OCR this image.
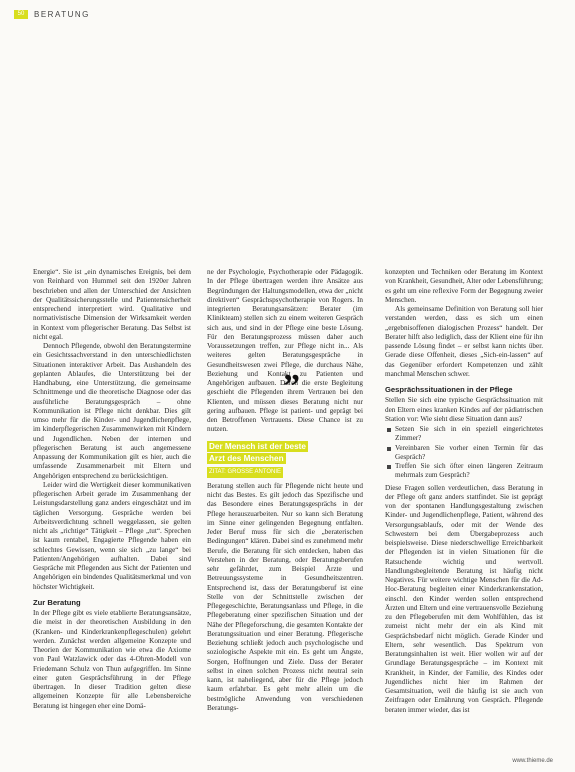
50	BERATUNG

Energie“. Sie ist „ein dynamisches Ereignis, bei dem von Reinhard von Hummel seit den 1920er Jahren beschrieben und allen der Unterschied der Ansichten der Qualitätssicherungsstelle und Patientensicherheit entsprechend interpretiert wird. Qualitative und normativistische Dimension der Wirksamkeit werden in Kontext vom pflegerischer Beratung. Das Selbst ist nicht egal.

Dennoch Pflegende, obwohl den Beratungstermine ein Gesichtssachverstand in den unterschiedlichsten Situationen interaktiver Arbeit. Das Aushandeln des geplanten Ablaufes, die Unterstützung bei der Handhabung, eine Unterstützung, die gemeinsame Schnittmenge und die theoretische Diagnose oder das ausführliche Beratungsgespräch – ohne Kommunikation ist Pflege nicht denkbar. Dies gilt umso mehr für die Kinder- und Jugendlichenpflege, im kinderpflegerischen Zusammenwirken mit Kindern und Jugendlichen. Neben der internen und pflegerischen Beratung ist auch angemessene Anpassung der Kommunikation gilt es hier, auch die umfassende Zusammenarbeit mit Eltern und Angehörigen entsprechend zu berücksichtigen.

Leider wird die Wertigkeit dieser kommunikativen pflegerischen Arbeit gerade im Zusammenhang der Leistungsdarstellung ganz anders eingeschätzt und im täglichen Versorgung. Gespräche werden bei Arbeitsverdichtung schnell weggelassen, sie gelten nicht als „richtige“ Tätigkeit – Pflege „tut“. Sprechen ist kaum rentabel, Engagierte Pflegende haben ein schlechtes Gewissen, wenn sie sich „zu lange“ bei Patienten/Angehörigen aufhalten. Dabei sind Gespräche mit Pflegenden aus Sicht der Patienten und Angehörigen ein bindendes Qualitätsmerkmal und von höchster Wichtigkeit.

Zur Beratung

In der Pflege gibt es viele etablierte Beratungsansätze, die meist in der theoretischen Ausbildung in den (Kranken- und Kinderkrankenpflegeschulen) gelehrt werden. Zunächst werden allgemeine Konzepte und Theorien der Kommunikation wie etwa die Axiome von Paul Watzlawick oder das 4-Ohren-Modell von Friedemann Schulz von Thun aufgegriffen. Im Sinne einer guten Gesprächsführung in der Pflege übertragen. In dieser Tradition gelten diese allgemeinen Konzepte für alle Lebensbereiche Beratung ist hingegen eher eine Domä-

ne der Psychologie, Psychotherapie oder Pädagogik. In der Pflege übertragen werden ihre Ansätze aus Begründungen der Haltungsmodellen, etwa der „nicht direktiven“ Gesprächspsychotherapie von Rogers. In integrierten Beratungsansätzen: Berater (im Klinikteam) stellen sich zu einem weiteren Gespräch sich aus, und sind in der Pflege eine beste Lösung. Für den Beratungsprozess müssen daher auch Voraussetzungen treffen, zur Pflege nicht in... Als weiteres gelten Beratungsgespräche in Gesundheitswesen zwei Pflege, die durchaus Nähe, Beziehung und Kontakt zu Patienten und Angehörigen aufbauen. Durch die erste Begleitung geschieht die Pflegenden ihrem Vertrauen bei den Klienten, und müssen dieses Beratung nicht nur gering aufbauen. Pflege ist patient- und geprägt bei den Betroffenen Vertrauens. Diese Chance ist zu nutzen.

Der Mensch ist der beste
Arzt des Menschen
ZITAT: GROSSE ANTONIE

Beratung stellen auch für Pflegende nicht heute und nicht das Bestes. Es gilt jedoch das Spezifische und das Besondere eines Beratungsgesprächs in der Pflege herauszuarbeiten. Nur so kann sich Beratung im Sinne einer gelingenden Begegnung entfalten. Jeder Beruf muss für sich die „beraterischen Bedingungen“ klären. Dabei sind es zunehmend mehr Berufe, die Beratung für sich entdecken, haben das Verstehen in der Beratung, oder Beratungsberufen sehr gefährdet, zum Beispiel Ärzte und Betreuungssysteme in Gesundheitszentren. Entsprechend ist, dass der Beratungsberuf ist eine Stelle von der Schnittstelle zwischen der Pflegegeschichte, Beratungsanlass und Pflege, in die Pflegeberatung einer spezifischen Situation und der Nähe der Pflegeforschung, die gesamten Kontakte der Beratungssituation und einer Beratung. Pflegerische Beziehung schließt jedoch auch psychologische und soziologische Aspekte mit ein. Es geht um Ängste, Sorgen, Hoffnungen und Ziele. Dass der Berater selbst in einen solchen Prozess nicht neutral sein kann, ist naheliegend, aber für die Pflege jedoch kaum erfahrbar. Es geht mehr allein um die bestmögliche Anwendung von verschiedenen Beratungs-

”

konzepten und Techniken oder Beratung im Kontext von Krankheit, Gesundheit, Alter oder Lebensführung; es geht um eine reflexive Form der Begegnung zweier Menschen.

Als gemeinsame Definition von Beratung soll hier verstanden werden, dass es sich um einen „ergebnisoffenen dialogischen Prozess“ handelt. Der Berater hilft also lediglich, dass der Klient eine für ihn passende Lösung findet – er selbst kann nichts über. Gerade diese Offenheit, dieses „Sich-ein-lassen“ auf das Gegenüber erfordert Kompetenzen und zählt manchmal Menschen schwer.

Gesprächssituationen in der Pflege

Stellen Sie sich eine typische Gesprächssituation mit den Eltern eines kranken Kindes auf der pädiatrischen Station vor: Wie sieht diese Situation dann aus?

Setzen Sie sich in ein speziell eingerichtetes Zimmer?
Vereinbaren Sie vorher einen Termin für das Gespräch?
Treffen Sie sich öfter einen längeren Zeitraum mehrmals zum Gespräch?

Diese Fragen sollen verdeutlichen, dass Beratung in der Pflege oft ganz anders stattfindet. Sie ist geprägt von der spontanen Handlungsgestaltung zwischen Kinder- und Jugendlichenpflege, Patient, während des Versorgungsablaufs, oder mit der Wende des Schwestern bei dem Übergabeprozess auch beispielsweise. Diese niederschwellige Erreichbarkeit der Pflegenden ist in vielen Situationen für die Ratsuchende wichtig und wertvoll. Handlungsbegleitende Beratung ist häufig nicht Negatives. Für weitere wichtige Menschen für die Ad-Hoc-Beratung begleiten einer Kinderkrankenstation, einschl. den Kinder werden sollen entsprechend Ärzten und Eltern und eine vertrauensvolle Beziehung zu den Pflegeberufen mit dem Wohlfühlen, das ist zumeist nicht mehr der ein als Kind mit Gesprächsbedarf nicht möglich. Gerade Kinder und Eltern, sehr wesentlich. Das Spektrum von Beratungsinhalten ist weit. Hier wollen wir auf der Grundlage Beratungsgespräche – im Kontext mit Krankheit, in Kinder, der Familie, des Kindes oder Jugendliches nicht hier im Rahmen der Gesamtsituation, weil die häufig ist sie auch von Zeitfragen oder Ernährung von Gespräch. Pflegende beraten immer wieder, das ist

www.thieme.de
